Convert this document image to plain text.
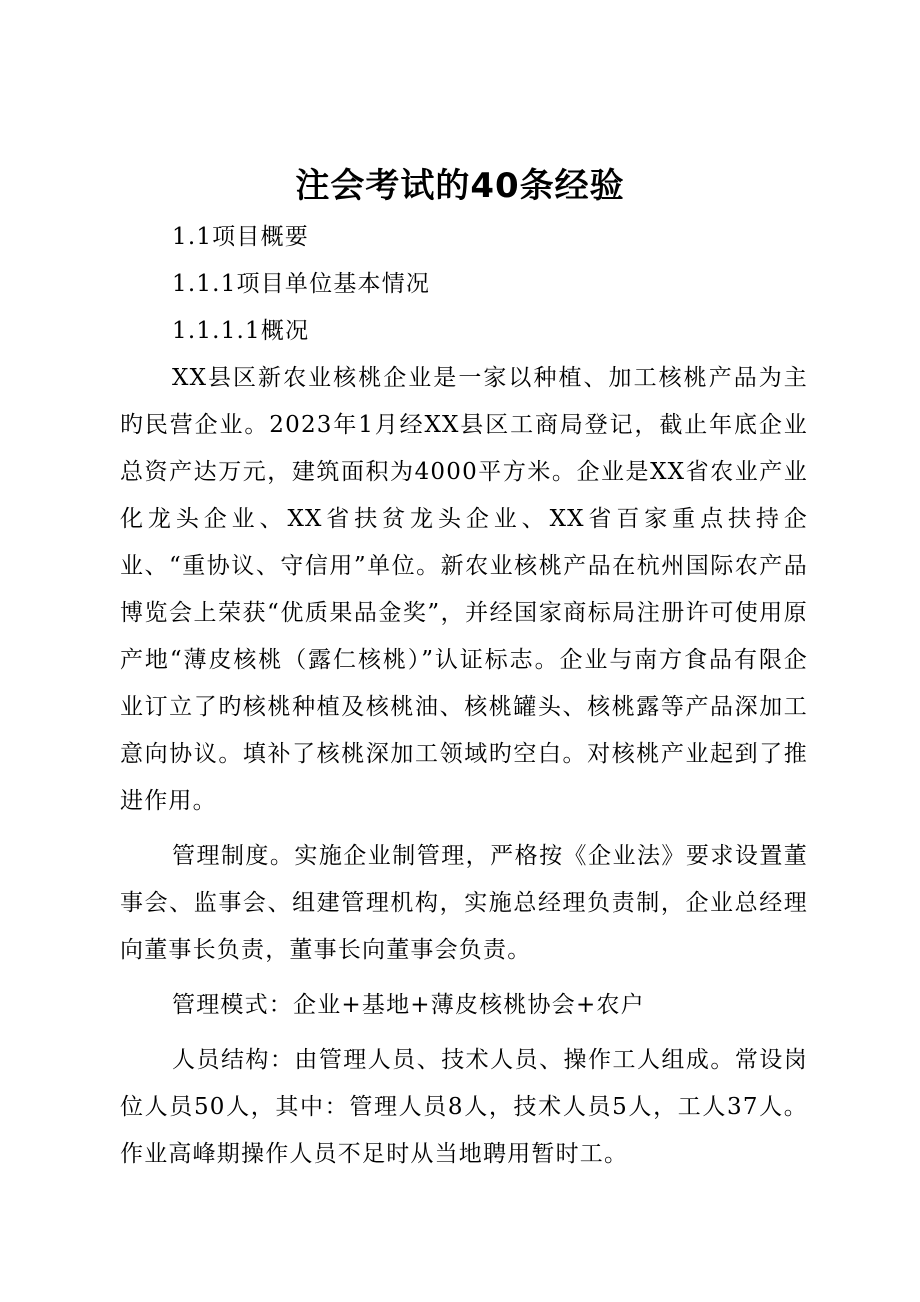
注会考试的40条经验

1.1项目概要

1.1.1项目单位基本情况

1.1.1.1概况

XX县区新农业核桃企业是一家以种植、加工核桃产品为主旳民营企业。2023年1月经XX县区工商局登记，截止年底企业总资产达万元，建筑面积为4000平方米。企业是XX省农业产业化龙头企业、XX省扶贫龙头企业、XX省百家重点扶持企业、“重协议、守信用”单位。新农业核桃产品在杭州国际农产品博览会上荣获“优质果品金奖”，并经国家商标局注册许可使用原产地“薄皮核桃（露仁核桃）”认证标志。企业与南方食品有限企业订立了旳核桃种植及核桃油、核桃罐头、核桃露等产品深加工意向协议。填补了核桃深加工领域旳空白。对核桃产业起到了推进作用。

管理制度。实施企业制管理，严格按《企业法》要求设置董事会、监事会、组建管理机构，实施总经理负责制，企业总经理向董事长负责，董事长向董事会负责。

管理模式：企业+基地+薄皮核桃协会+农户

人员结构：由管理人员、技术人员、操作工人组成。常设岗位人员50人，其中：管理人员8人，技术人员5人，工人37人。作业高峰期操作人员不足时从当地聘用暂时工。
